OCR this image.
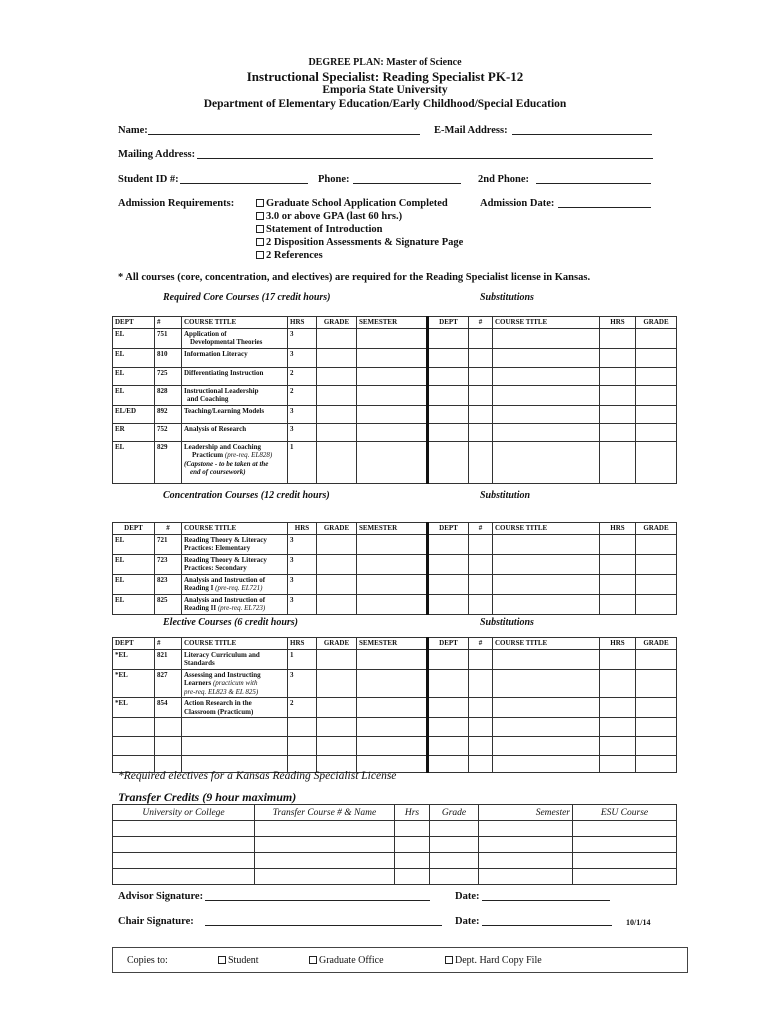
DEGREE PLAN: Master of Science
Instructional Specialist: Reading Specialist PK-12
Emporia State University
Department of Elementary Education/Early Childhood/Special Education
Name:	E-Mail Address:
Mailing Address:
Student ID #:	Phone:	2nd Phone:
Admission Requirements:	Graduate School Application Completed
3.0 or above GPA (last 60 hrs.)
Statement of Introduction
2 Disposition Assessments & Signature Page
2 References
Admission Date:
* All courses (core, concentration, and electives) are required for the Reading Specialist license in Kansas.
Required Core Courses (17 credit hours)	Substitutions
DEPT	#	COURSE TITLE	HRS	GRADE	SEMESTER	DEPT	#	COURSE TITLE	HRS	GRADE
EL	751	Application of
Developmental Theories	3							
EL	810	Information Literacy	3							
EL	725	Differentiating Instruction	2							
EL	828	Instructional Leadership
and Coaching	2							
EL/ED	892	Teaching/Learning Models	3							
ER	752	Analysis of Research	3							
EL	829	Leadership and Coaching
Practicum (pre-req. EL828)
(Capstone - to be taken at the
end of coursework)	1							
Concentration Courses (12 credit hours)	Substitution
DEPT	#	COURSE TITLE	HRS	GRADE	SEMESTER	DEPT	#	COURSE TITLE	HRS	GRADE
EL	721	Reading Theory & Literacy
Practices: Elementary	3							
EL	723	Reading Theory & Literacy
Practices: Secondary	3							
EL	823	Analysis and Instruction of
Reading I (pre-req. EL721)	3							
EL	825	Analysis and Instruction of
Reading II (pre-req. EL723)	3							
Elective Courses (6 credit hours)	Substitutions
DEPT	#	COURSE TITLE	HRS	GRADE	SEMESTER	DEPT	#	COURSE TITLE	HRS	GRADE
*EL	821	Literacy Curriculum and
Standards	1							
*EL	827	Assessing and Instructing
Learners (practicum with
pre-req. EL823 & EL 825)	3							
*EL	854	Action Research in the
Classroom (Practicum)	2							

*Required electives for a Kansas Reading Specialist License
Transfer Credits (9 hour maximum)
University or College	Transfer Course # & Name	Hrs	Grade	Semester	ESU Course

Advisor Signature:	Date:
Chair Signature:	Date:	10/1/14
Copies to:	Student	Graduate Office	Dept. Hard Copy File
